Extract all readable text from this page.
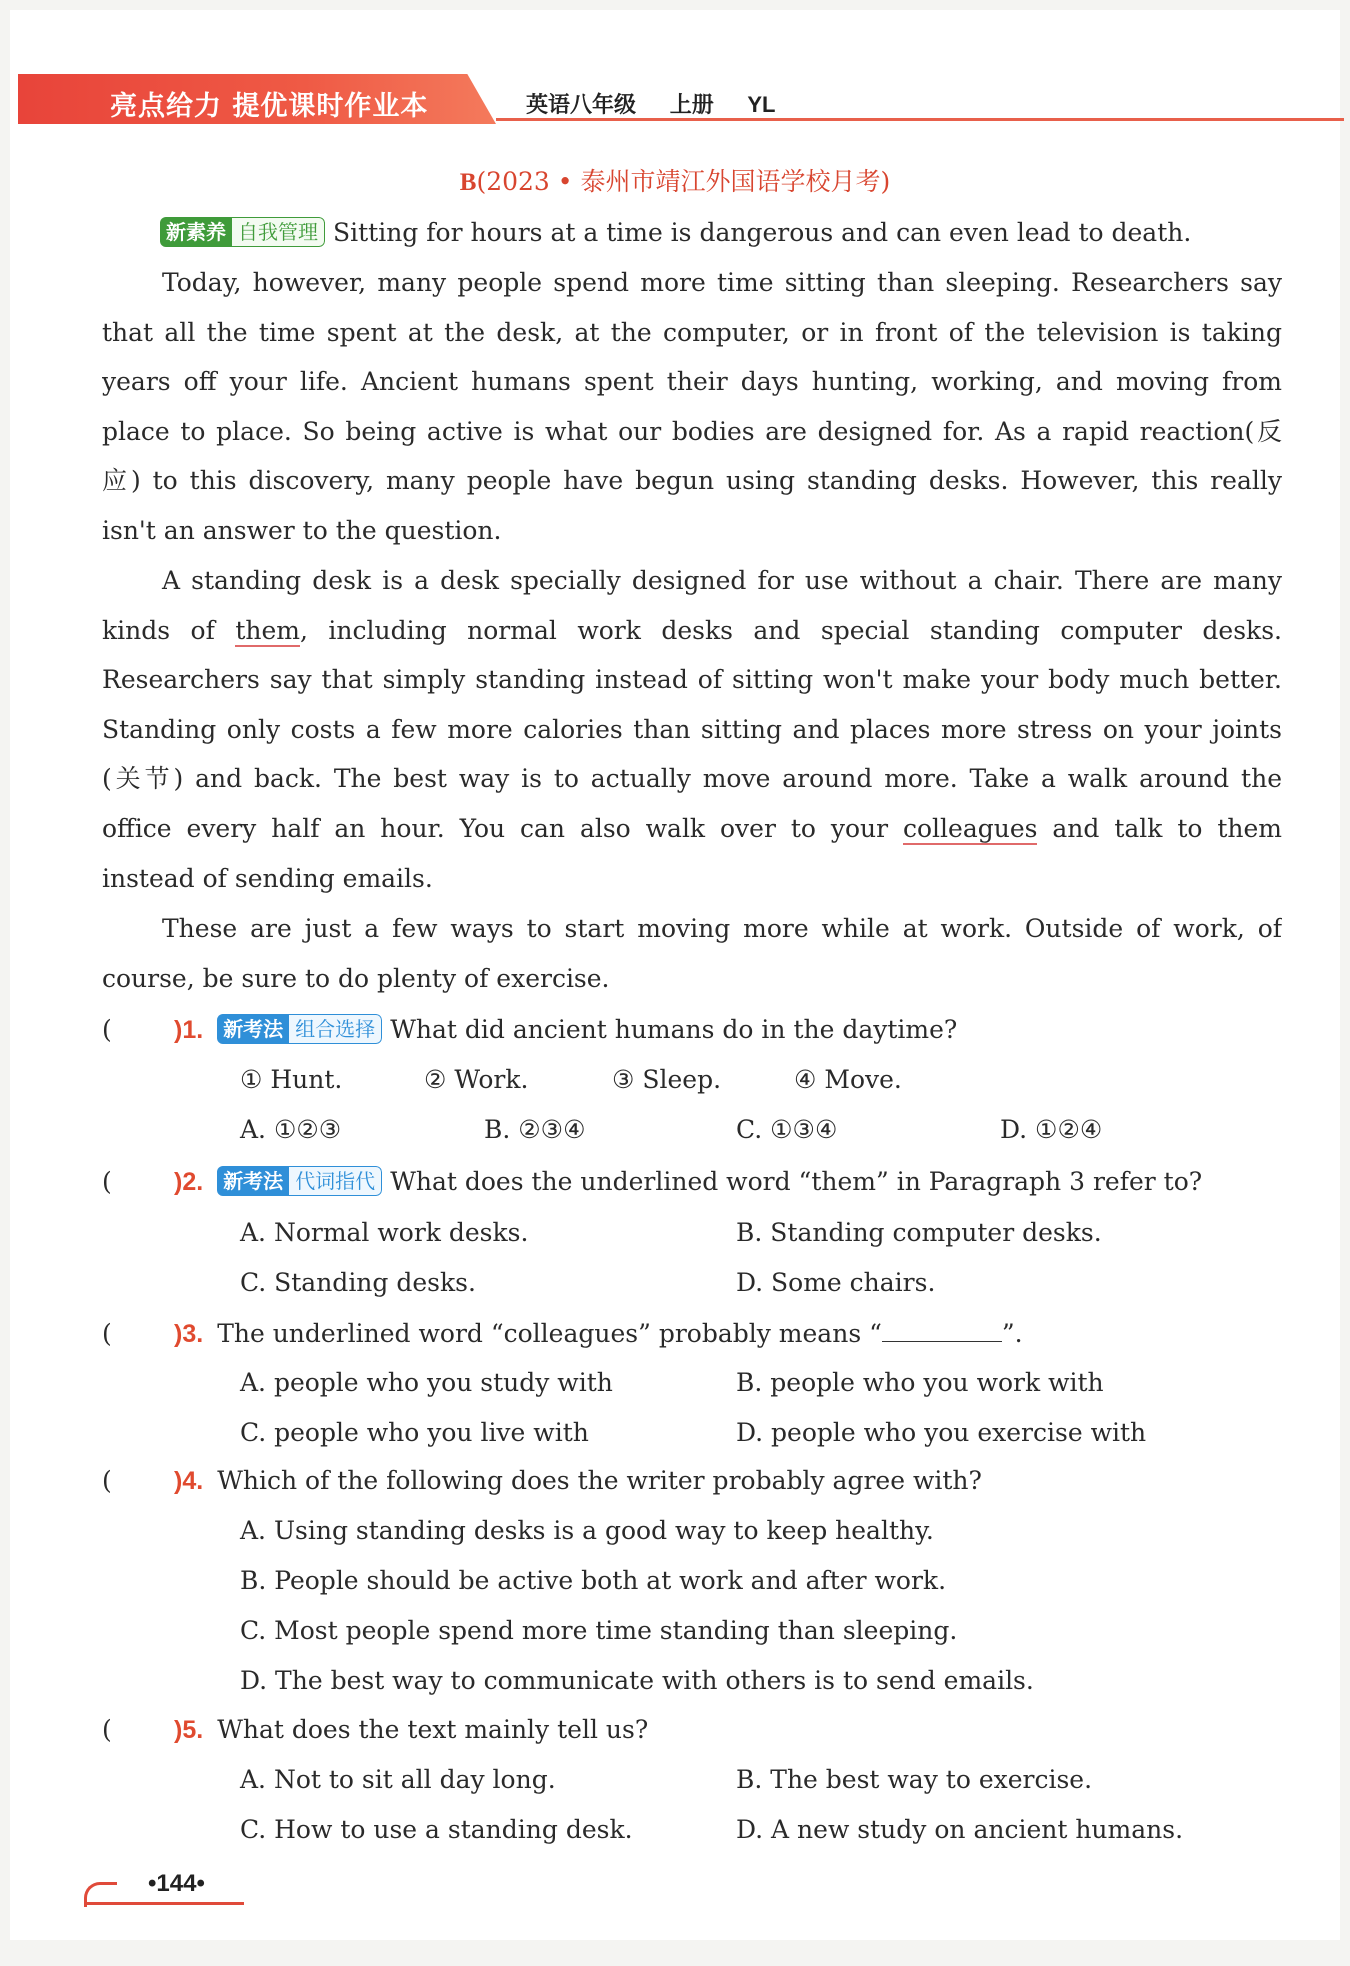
亮点给力 提优课时作业本	英语八年级 上册 YL
B(2023 • 泰州市靖江外国语学校月考)
新素养 自我管理 Sitting for hours at a time is dangerous and can even lead to death.
Today, however, many people spend more time sitting than sleeping. Researchers say
that all the time spent at the desk, at the computer, or in front of the television is taking
years off your life. Ancient humans spent their days hunting, working, and moving from
place to place. So being active is what our bodies are designed for. As a rapid reaction(反
应) to this discovery, many people have begun using standing desks. However, this really
isn't an answer to the question.
A standing desk is a desk specially designed for use without a chair. There are many
kinds of them, including normal work desks and special standing computer desks.
Researchers say that simply standing instead of sitting won't make your body much better.
Standing only costs a few more calories than sitting and places more stress on your joints
(关节) and back. The best way is to actually move around more. Take a walk around the
office every half an hour. You can also walk over to your colleagues and talk to them
instead of sending emails.
These are just a few ways to start moving more while at work. Outside of work, of
course, be sure to do plenty of exercise.
( )1.	新考法 组合选择 What did ancient humans do in the daytime?
① Hunt.	② Work.	③ Sleep.	④ Move.
A. ①②③	B. ②③④	C. ①③④	D. ①②④
( )2.	新考法 代词指代 What does the underlined word “them” in Paragraph 3 refer to?
A. Normal work desks.	B. Standing computer desks.
C. Standing desks.	D. Some chairs.
( )3. The underlined word “colleagues” probably means “	”.
A. people who you study with	B. people who you work with
C. people who you live with	D. people who you exercise with
( )4. Which of the following does the writer probably agree with?
A. Using standing desks is a good way to keep healthy.
B. People should be active both at work and after work.
C. Most people spend more time standing than sleeping.
D. The best way to communicate with others is to send emails.
( )5. What does the text mainly tell us?
A. Not to sit all day long.	B. The best way to exercise.
C. How to use a standing desk.	D. A new study on ancient humans.
•144•
